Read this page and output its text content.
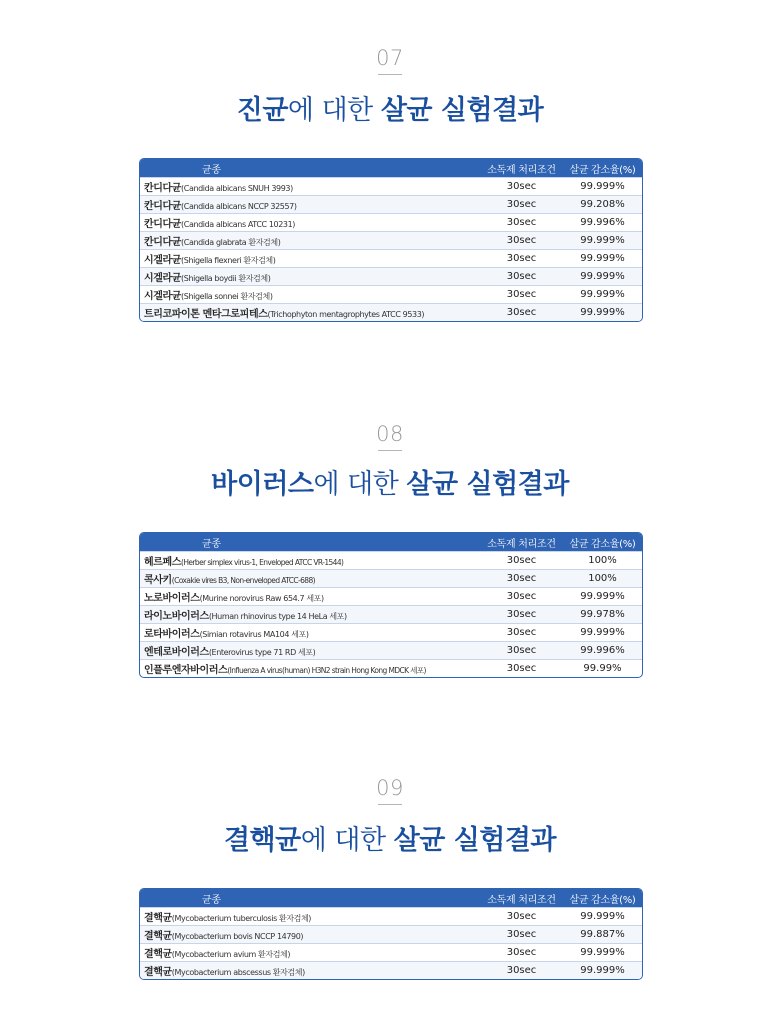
07
진균에 대한 살균 실험결과
균종	소독제 처리조건	살균 감소율(%)
칸디다균(Candida albicans SNUH 3993)	30sec	99.999%
칸디다균(Candida albicans NCCP 32557)	30sec	99.208%
칸디다균(Candida albicans ATCC 10231)	30sec	99.996%
칸디다균(Candida glabrata 환자검체)	30sec	99.999%
시겔라균(Shigella flexneri 환자검체)	30sec	99.999%
시겔라균(Shigella boydii 환자검체)	30sec	99.999%
시겔라균(Shigella sonnei 환자검체)	30sec	99.999%
트리코파이톤 멘타그로피테스(Trichophyton mentagrophytes ATCC 9533)	30sec	99.999%
08
바이러스에 대한 살균 실험결과
균종	소독제 처리조건	살균 감소율(%)
헤르페스(Herber simplex virus-1, Enveloped ATCC VR-1544)	30sec	100%
콕사키(Coxakie vires B3, Non-enveloped ATCC-688)	30sec	100%
노로바이러스(Murine norovirus Raw 654.7 세포)	30sec	99.999%
라이노바이러스(Human rhinovirus type 14 HeLa 세포)	30sec	99.978%
로타바이러스(Simian rotavirus MA104 세포)	30sec	99.999%
엔테로바이러스(Enterovirus type 71 RD 세포)	30sec	99.996%
인플루엔자바이러스(Influenza A virus(human) H3N2 strain Hong Kong MDCK 세포)	30sec	99.99%
09
결핵균에 대한 살균 실험결과
균종	소독제 처리조건	살균 감소율(%)
결핵균(Mycobacterium tuberculosis 환자검체)	30sec	99.999%
결핵균(Mycobacterium bovis NCCP 14790)	30sec	99.887%
결핵균(Mycobacterium avium 환자검체)	30sec	99.999%
결핵균(Mycobacterium abscessus 환자검체)	30sec	99.999%
